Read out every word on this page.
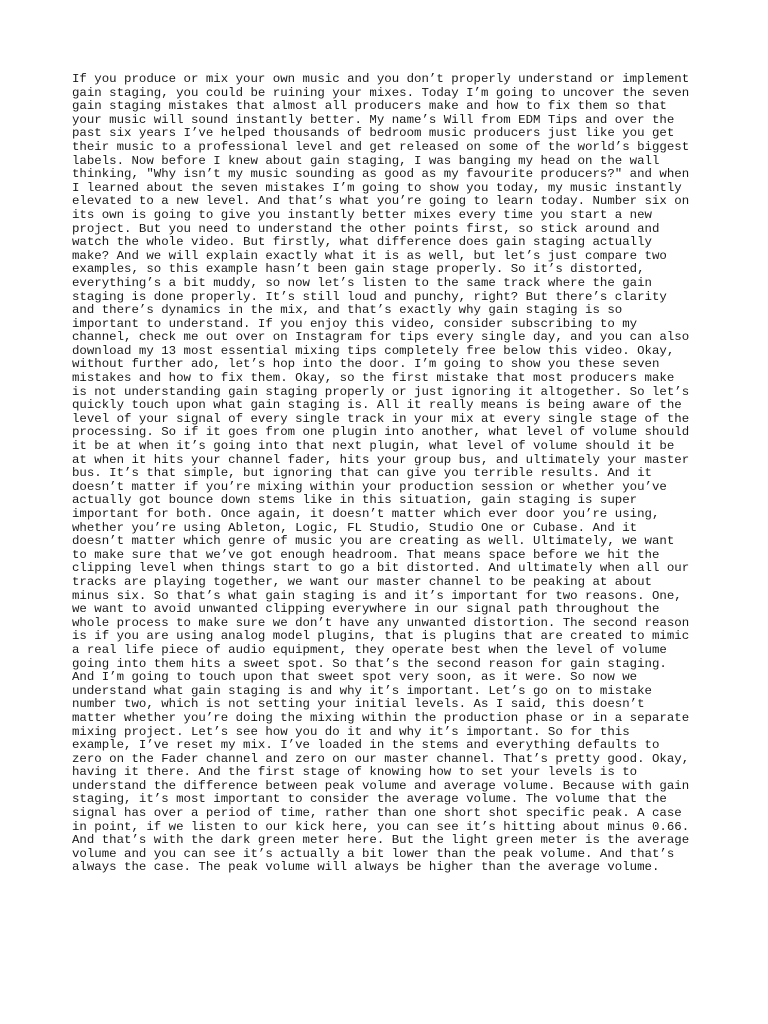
If you produce or mix your own music and you don’t properly understand or implement
gain staging, you could be ruining your mixes. Today I’m going to uncover the seven
gain staging mistakes that almost all producers make and how to fix them so that
your music will sound instantly better. My name’s Will from EDM Tips and over the
past six years I’ve helped thousands of bedroom music producers just like you get
their music to a professional level and get released on some of the world’s biggest
labels. Now before I knew about gain staging, I was banging my head on the wall
thinking, "Why isn’t my music sounding as good as my favourite producers?" and when
I learned about the seven mistakes I’m going to show you today, my music instantly
elevated to a new level. And that’s what you’re going to learn today. Number six on
its own is going to give you instantly better mixes every time you start a new
project. But you need to understand the other points first, so stick around and
watch the whole video. But firstly, what difference does gain staging actually
make? And we will explain exactly what it is as well, but let’s just compare two
examples, so this example hasn’t been gain stage properly. So it’s distorted,
everything’s a bit muddy, so now let’s listen to the same track where the gain
staging is done properly. It’s still loud and punchy, right? But there’s clarity
and there’s dynamics in the mix, and that’s exactly why gain staging is so
important to understand. If you enjoy this video, consider subscribing to my
channel, check me out over on Instagram for tips every single day, and you can also
download my 13 most essential mixing tips completely free below this video. Okay,
without further ado, let’s hop into the door. I’m going to show you these seven
mistakes and how to fix them. Okay, so the first mistake that most producers make
is not understanding gain staging properly or just ignoring it altogether. So let’s
quickly touch upon what gain staging is. All it really means is being aware of the
level of your signal of every single track in your mix at every single stage of the
processing. So if it goes from one plugin into another, what level of volume should
it be at when it’s going into that next plugin, what level of volume should it be
at when it hits your channel fader, hits your group bus, and ultimately your master
bus. It’s that simple, but ignoring that can give you terrible results. And it
doesn’t matter if you’re mixing within your production session or whether you’ve
actually got bounce down stems like in this situation, gain staging is super
important for both. Once again, it doesn’t matter which ever door you’re using,
whether you’re using Ableton, Logic, FL Studio, Studio One or Cubase. And it
doesn’t matter which genre of music you are creating as well. Ultimately, we want
to make sure that we’ve got enough headroom. That means space before we hit the
clipping level when things start to go a bit distorted. And ultimately when all our
tracks are playing together, we want our master channel to be peaking at about
minus six. So that’s what gain staging is and it’s important for two reasons. One,
we want to avoid unwanted clipping everywhere in our signal path throughout the
whole process to make sure we don’t have any unwanted distortion. The second reason
is if you are using analog model plugins, that is plugins that are created to mimic
a real life piece of audio equipment, they operate best when the level of volume
going into them hits a sweet spot. So that’s the second reason for gain staging.
And I’m going to touch upon that sweet spot very soon, as it were. So now we
understand what gain staging is and why it’s important. Let’s go on to mistake
number two, which is not setting your initial levels. As I said, this doesn’t
matter whether you’re doing the mixing within the production phase or in a separate
mixing project. Let’s see how you do it and why it’s important. So for this
example, I’ve reset my mix. I’ve loaded in the stems and everything defaults to
zero on the Fader channel and zero on our master channel. That’s pretty good. Okay,
having it there. And the first stage of knowing how to set your levels is to
understand the difference between peak volume and average volume. Because with gain
staging, it’s most important to consider the average volume. The volume that the
signal has over a period of time, rather than one short shot specific peak. A case
in point, if we listen to our kick here, you can see it’s hitting about minus 0.66.
And that’s with the dark green meter here. But the light green meter is the average
volume and you can see it’s actually a bit lower than the peak volume. And that’s
always the case. The peak volume will always be higher than the average volume.
